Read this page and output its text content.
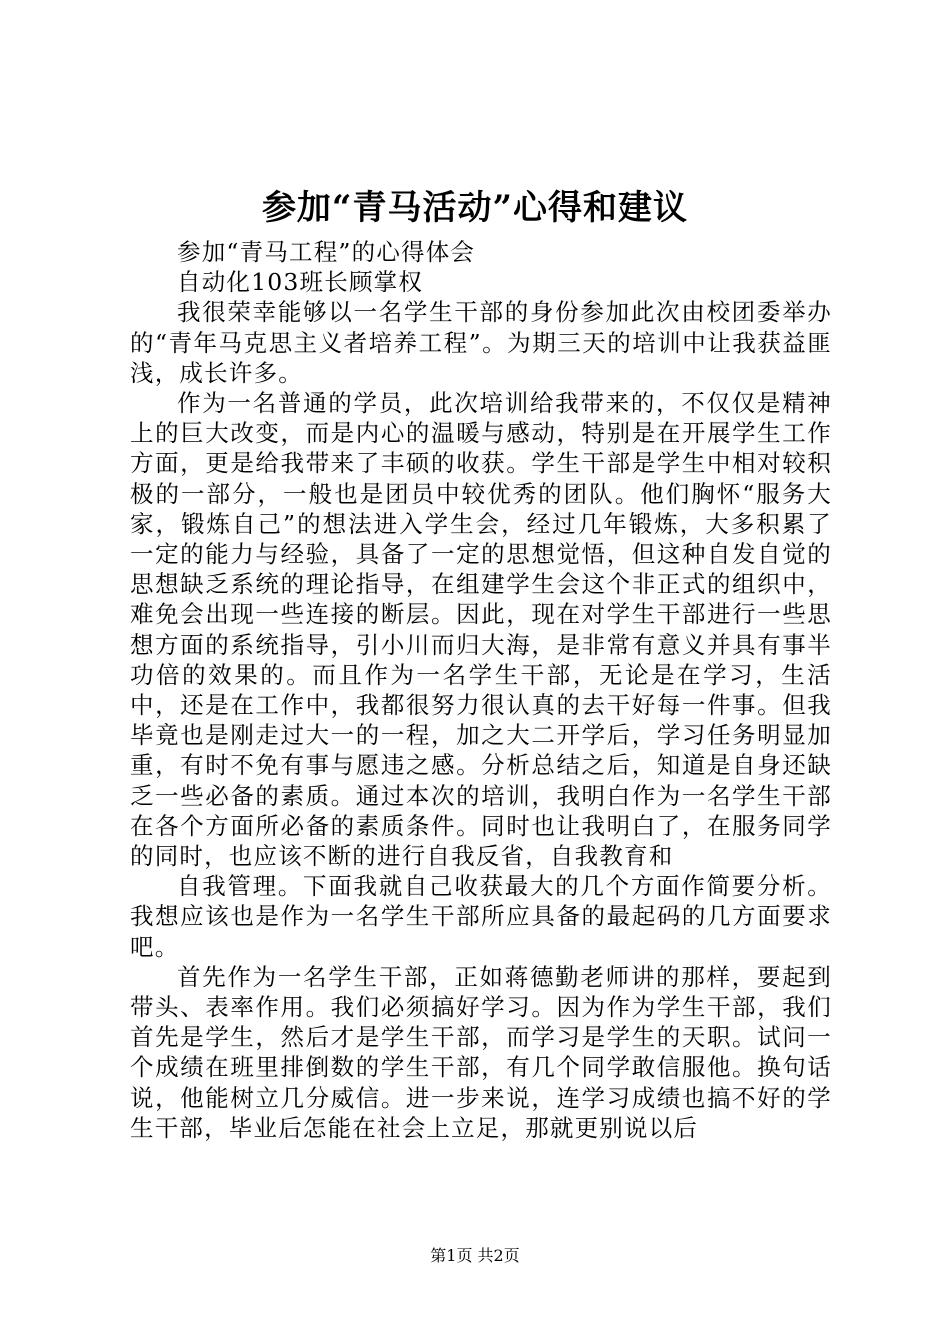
参加“青马活动”心得和建议

参加“青马工程”的心得体会

自动化103班长顾掌权

我很荣幸能够以一名学生干部的身份参加此次由校团委举办的“青年马克思主义者培养工程”。为期三天的培训中让我获益匪浅，成长许多。

作为一名普通的学员，此次培训给我带来的，不仅仅是精神上的巨大改变，而是内心的温暖与感动，特别是在开展学生工作方面，更是给我带来了丰硕的收获。学生干部是学生中相对较积极的一部分，一般也是团员中较优秀的团队。他们胸怀“服务大家，锻炼自己”的想法进入学生会，经过几年锻炼，大多积累了一定的能力与经验，具备了一定的思想觉悟，但这种自发自觉的思想缺乏系统的理论指导，在组建学生会这个非正式的组织中，难免会出现一些连接的断层。因此，现在对学生干部进行一些思想方面的系统指导，引小川而归大海，是非常有意义并具有事半功倍的效果的。而且作为一名学生干部，无论是在学习，生活中，还是在工作中，我都很努力很认真的去干好每一件事。但我毕竟也是刚走过大一的一程，加之大二开学后，学习任务明显加重，有时不免有事与愿违之感。分析总结之后，知道是自身还缺乏一些必备的素质。通过本次的培训，我明白作为一名学生干部在各个方面所必备的素质条件。同时也让我明白了，在服务同学的同时，也应该不断的进行自我反省，自我教育和

自我管理。下面我就自己收获最大的几个方面作简要分析。我想应该也是作为一名学生干部所应具备的最起码的几方面要求吧。

首先作为一名学生干部，正如蒋德勤老师讲的那样，要起到带头、表率作用。我们必须搞好学习。因为作为学生干部，我们首先是学生，然后才是学生干部，而学习是学生的天职。试问一个成绩在班里排倒数的学生干部，有几个同学敢信服他。换句话说，他能树立几分威信。进一步来说，连学习成绩也搞不好的学生干部，毕业后怎能在社会上立足，那就更别说以后

第1页 共2页
